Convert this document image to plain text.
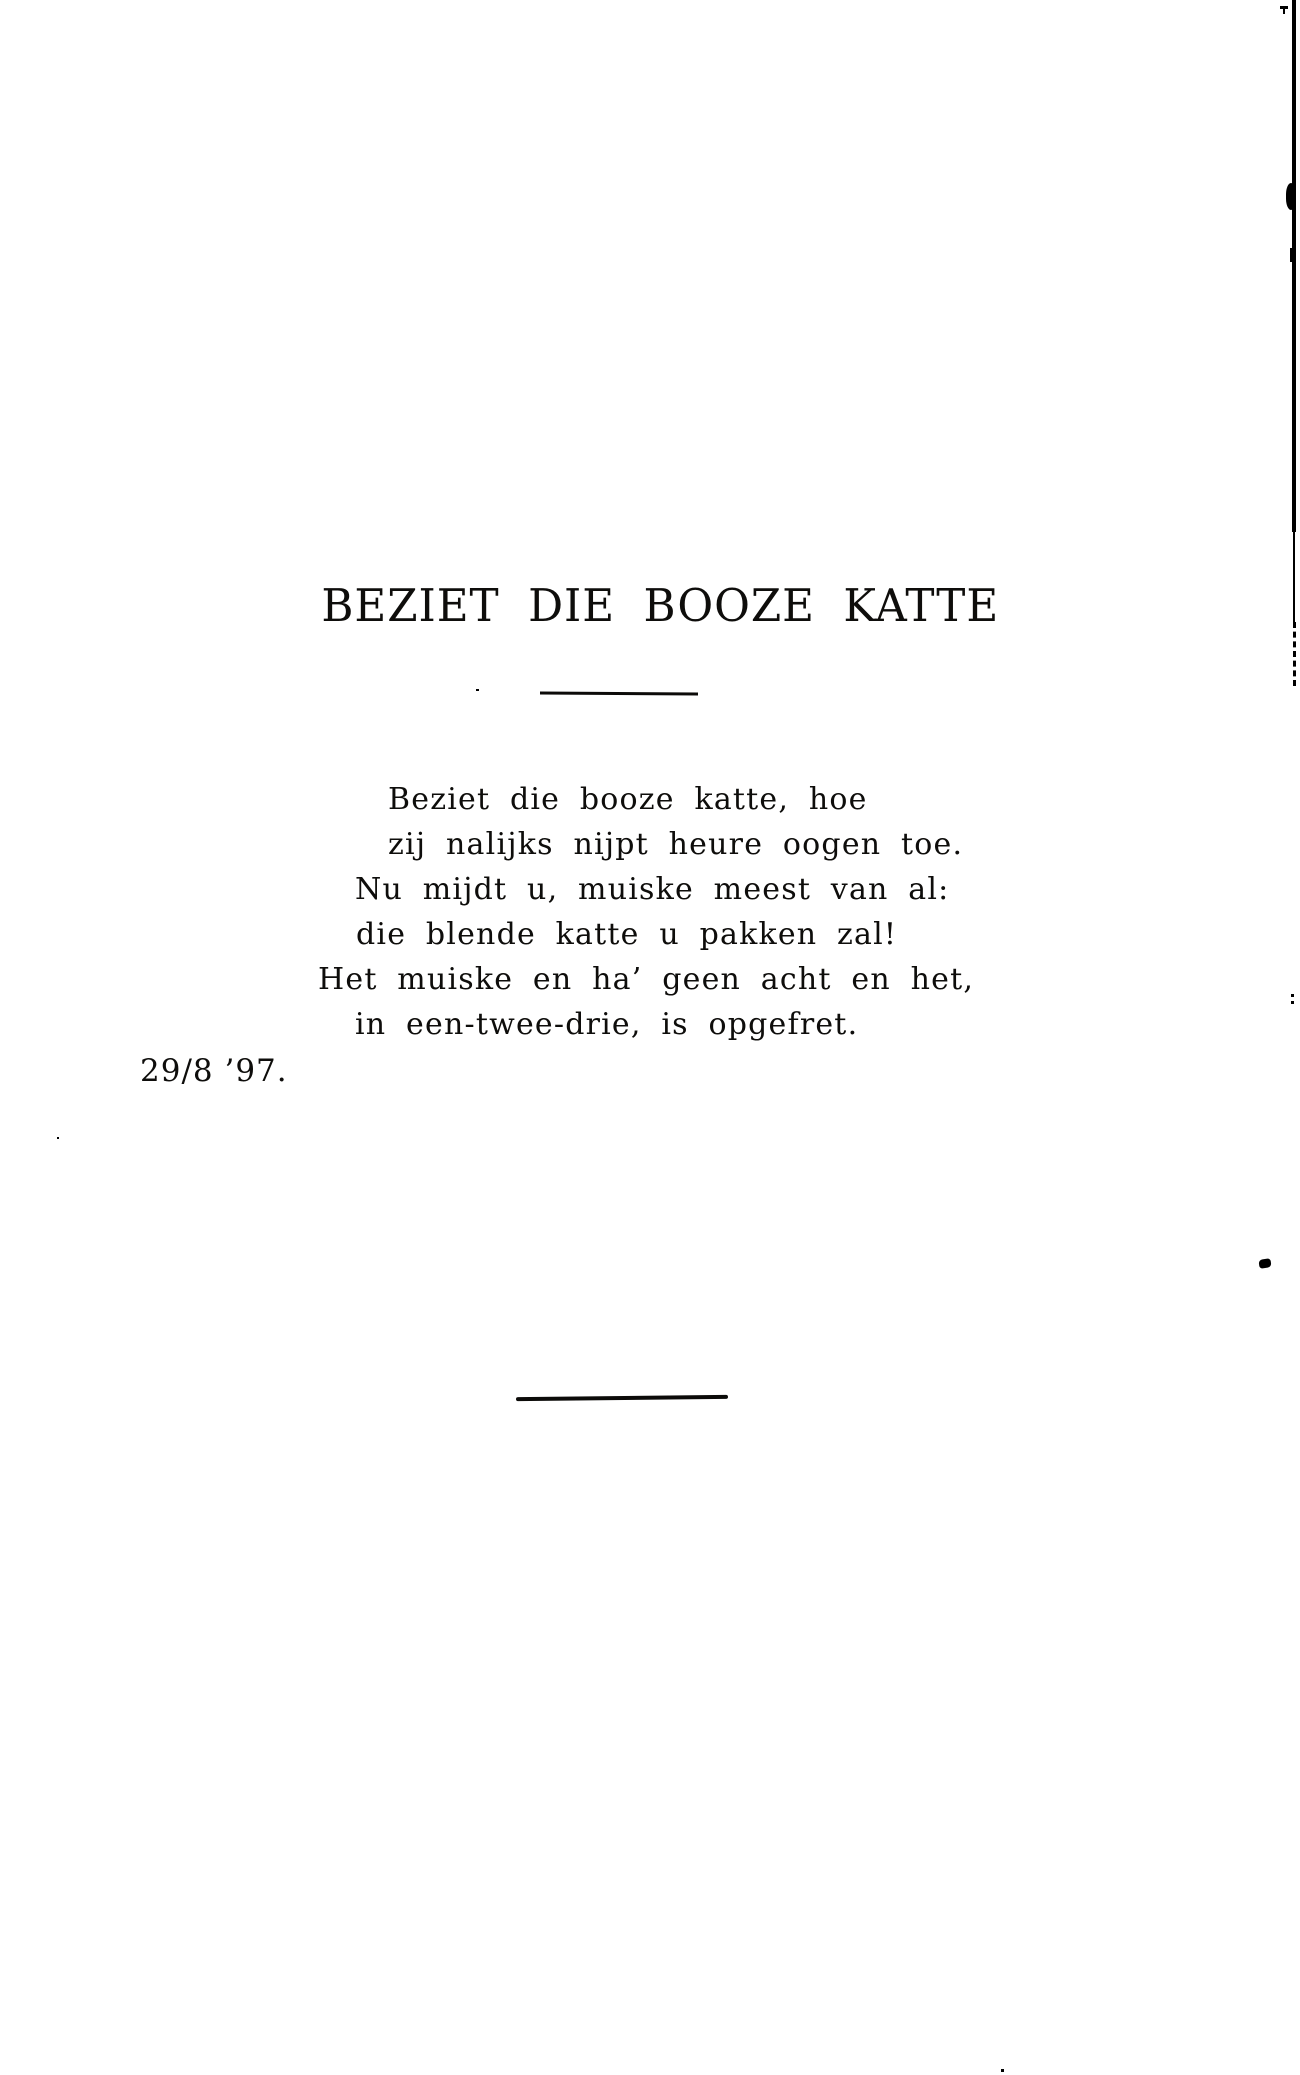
BEZIET DIE BOOZE KATTE
Beziet die booze katte, hoe
zij nalijks nijpt heure oogen toe.
Nu mijdt u, muiske meest van al:
die blende katte u pakken zal!
Het muiske en ha’ geen acht en het,
in een-twee-drie, is opgefret.
29/8 ’97.
